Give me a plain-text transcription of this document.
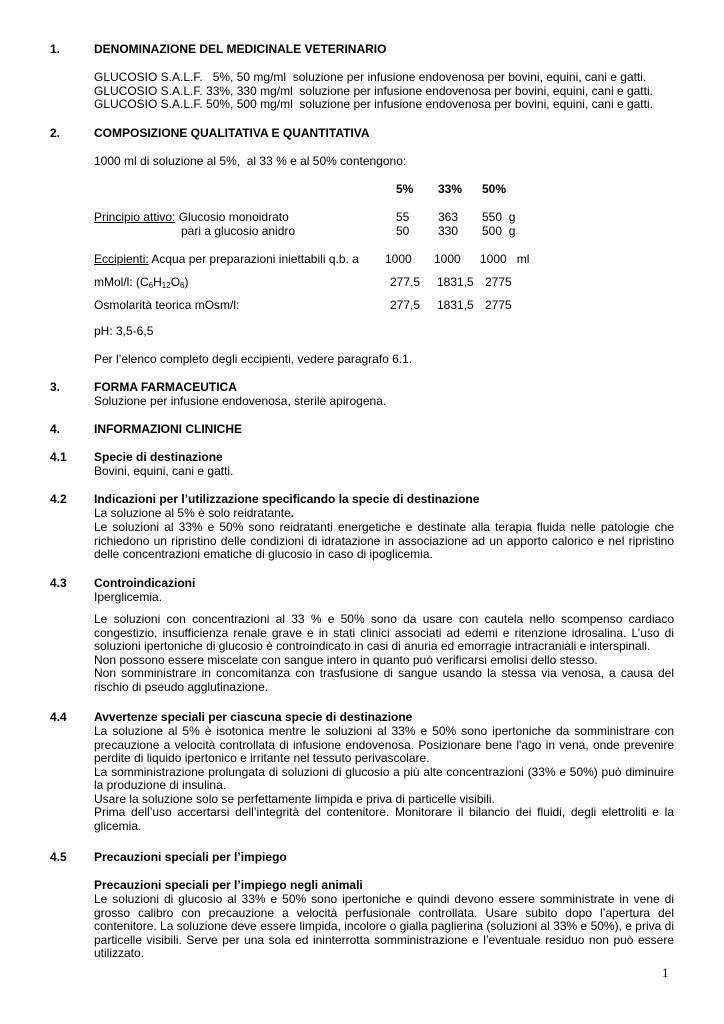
1.	DENOMINAZIONE DEL MEDICINALE VETERINARIO
GLUCOSIO S.A.L.F.   5%, 50 mg/ml  soluzione per infusione endovenosa per bovini, equini, cani e gatti.
GLUCOSIO S.A.L.F. 33%, 330 mg/ml  soluzione per infusione endovenosa per bovini, equini, cani e gatti.
GLUCOSIO S.A.L.F. 50%, 500 mg/ml  soluzione per infusione endovenosa per bovini, equini, cani e gatti.
2.	COMPOSIZIONE QUALITATIVA E QUANTITATIVA
1000 ml di soluzione al 5%,  al 33 % e al 50% contengono:
5% 33% 50%
Principio attivo: Glucosio monoidrato	55 363 550  g
pari a glucosio anidro	50 330 500  g
Eccipienti: Acqua per preparazioni iniettabili q.b. a 1000 1000 1000   ml
mMol/l: $(C_6H_{12}O_6)$	277,5 1831,5 2775
Osmolarità teorica mOsm/l:	277,5 1831,5 2775
pH: 3,5-6,5
Per l’elenco completo degli eccipienti, vedere paragrafo 6.1.
3.	FORMA FARMACEUTICA
Soluzione per infusione endovenosa, sterile apirogena.
4.	INFORMAZIONI CLINICHE
4.1 Specie di destinazione
Bovini, equini, cani e gatti.
4.2 Indicazioni per l’utilizzazione specificando la specie di destinazione
La soluzione al 5% è solo reidratante.

Le soluzioni al 33% e 50% sono reidratanti energetiche e destinate alla terapia fluida nelle patologie che richiedono un ripristino delle condizioni di idratazione in associazione ad un apporto calorico e nel ripristino delle concentrazioni ematiche di glucosio in caso di ipoglicemia.

4.3 Controindicazioni
Iperglicemia.

Le soluzioni con concentrazioni al 33 % e 50% sono da usare con cautela nello scompenso cardiaco congestizio, insufficienza renale grave e in stati clinici associati ad edemi e ritenzione idrosalina. L’uso di soluzioni ipertoniche di glucosio è controindicato in casi di anuria ed emorragie intracraniali e interspinali.

Non possono essere miscelate con sangue intero in quanto può verificarsi emolisi dello stesso.

Non somministrare in concomitanza con trasfusione di sangue usando la stessa via venosa, a causa del rischio di pseudo agglutinazione.

4.4 Avvertenze speciali per ciascuna specie di destinazione

La soluzione al 5% è isotonica mentre le soluzioni al 33% e 50% sono ipertoniche da somministrare con precauzione a velocità controllata di infusione endovenosa. Posizionare bene l'ago in vena, onde prevenire perdite di liquido ipertonico e irritante nel tessuto perivascolare.

La somministrazione prolungata di soluzioni di glucosio a più alte concentrazioni (33% e 50%) può diminuire la produzione di insulina.

Usare la soluzione solo se perfettamente limpida e priva di particelle visibili.

Prima dell’uso accertarsi dell’integrità del contenitore. Monitorare il bilancio dei fluidi, degli elettroliti e la glicemia.

4.5 Precauzioni speciali per l’impiego
Precauzioni speciali per l’impiego negli animali

Le soluzioni di glucosio al 33% e 50% sono ipertoniche e quindi devono essere somministrate in vene di grosso calibro con precauzione a velocità perfusionale controllata. Usare subito dopo l’apertura del contenitore. La soluzione deve essere limpida, incolore o gialla paglierina (soluzioni al 33% e 50%), e priva di particelle visibili. Serve per una sola ed ininterrotta somministrazione e l’eventuale residuo non può essere utilizzato.

1
